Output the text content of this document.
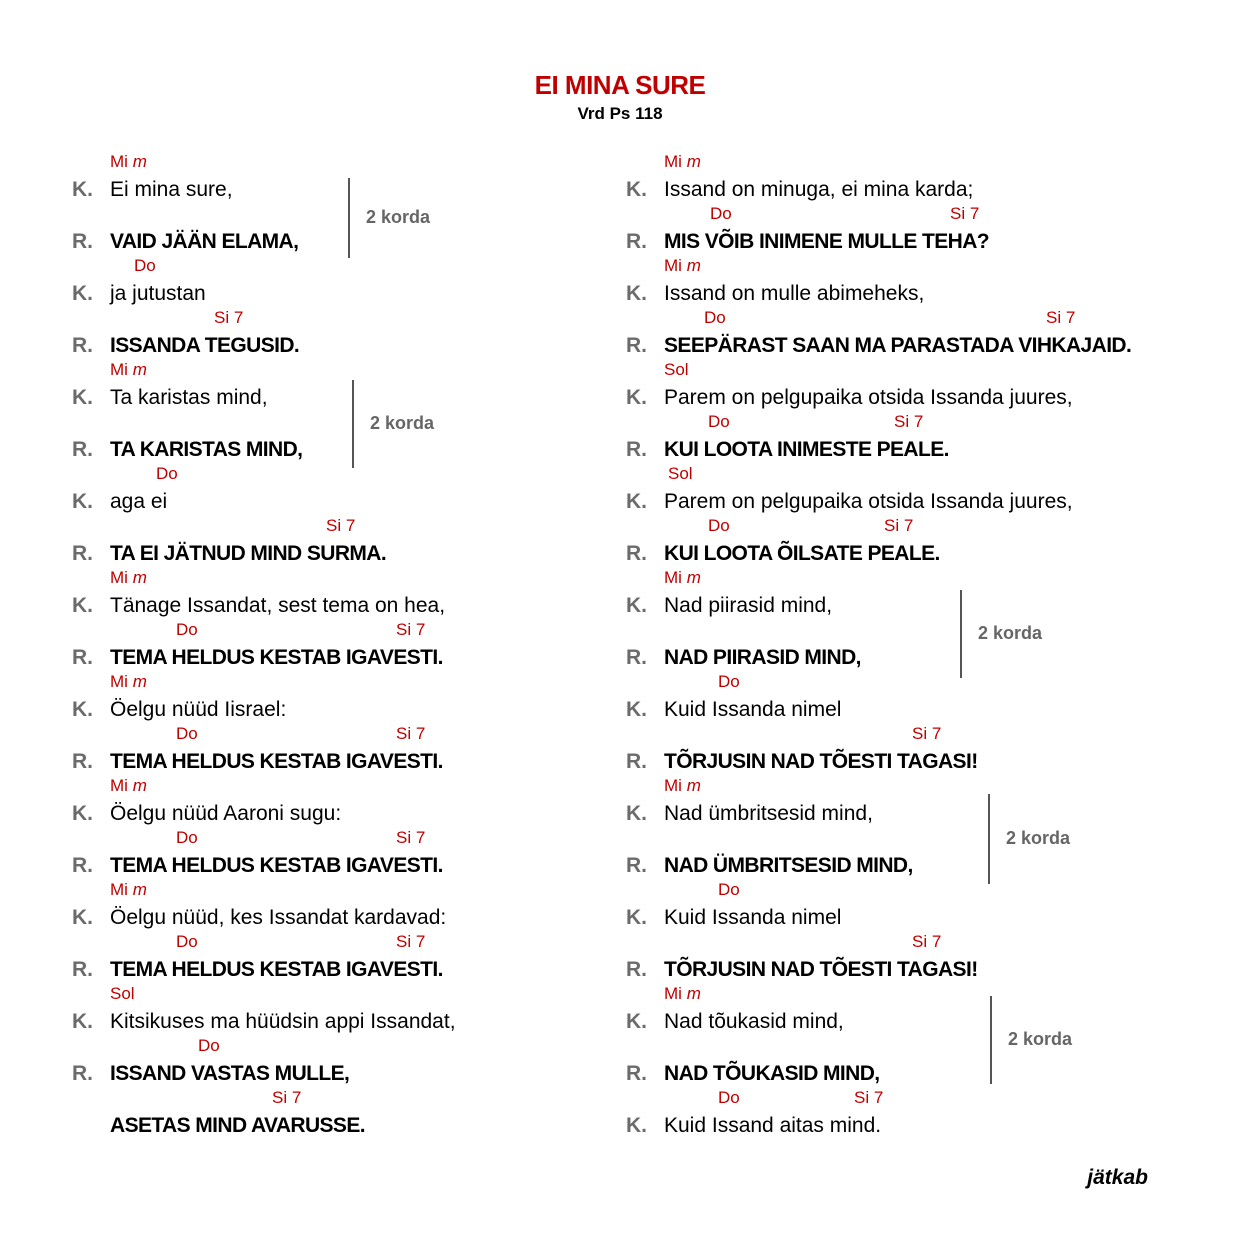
EI MINA SURE
Vrd Ps 118
Mi m
K. Ei mina sure,
R. VAID JÄÄN ELAMA,
Do
K. ja jutustan
Si 7
R. ISSANDA TEGUSID.
Mi m
K. Ta karistas mind,
R. TA KARISTAS MIND,
Do
K. aga ei
Si 7
R. TA EI JÄTNUD MIND SURMA.
Mi m
K. Tänage Issandat, sest tema on hea,
Do	Si 7
R. TEMA HELDUS KESTAB IGAVESTI.
Mi m
K. Öelgu nüüd Iisrael:
Do	Si 7
R. TEMA HELDUS KESTAB IGAVESTI.
Mi m
K. Öelgu nüüd Aaroni sugu:
Do	Si 7
R. TEMA HELDUS KESTAB IGAVESTI.
Mi m
K. Öelgu nüüd, kes Issandat kardavad:
Do	Si 7
R. TEMA HELDUS KESTAB IGAVESTI.
Sol
K. Kitsikuses ma hüüdsin appi Issandat,
Do
R. ISSAND VASTAS MULLE,
Si 7
ASETAS MIND AVARUSSE.
2 korda
2 korda
Mi m
K. Issand on minuga, ei mina karda;
Do	Si 7
R. MIS VÕIB INIMENE MULLE TEHA?
Mi m
K. Issand on mulle abimeheks,
Do	Si 7
R. SEEPÄRAST SAAN MA PARASTADA VIHKAJAID.
Sol
K. Parem on pelgupaika otsida Issanda juures,
Do	Si 7
R. KUI LOOTA INIMESTE PEALE.
Sol
K. Parem on pelgupaika otsida Issanda juures,
Do	Si 7
R. KUI LOOTA ÕILSATE PEALE.
Mi m
K. Nad piirasid mind,
R. NAD PIIRASID MIND,
Do
K. Kuid Issanda nimel
Si 7
R. TÕRJUSIN NAD TÕESTI TAGASI!
Mi m
K. Nad ümbritsesid mind,
R. NAD ÜMBRITSESID MIND,
Do
K. Kuid Issanda nimel
Si 7
R. TÕRJUSIN NAD TÕESTI TAGASI!
Mi m
K. Nad tõukasid mind,
R. NAD TÕUKASID MIND,
Do	Si 7
K. Kuid Issand aitas mind.
2 korda
2 korda
2 korda
jätkab
